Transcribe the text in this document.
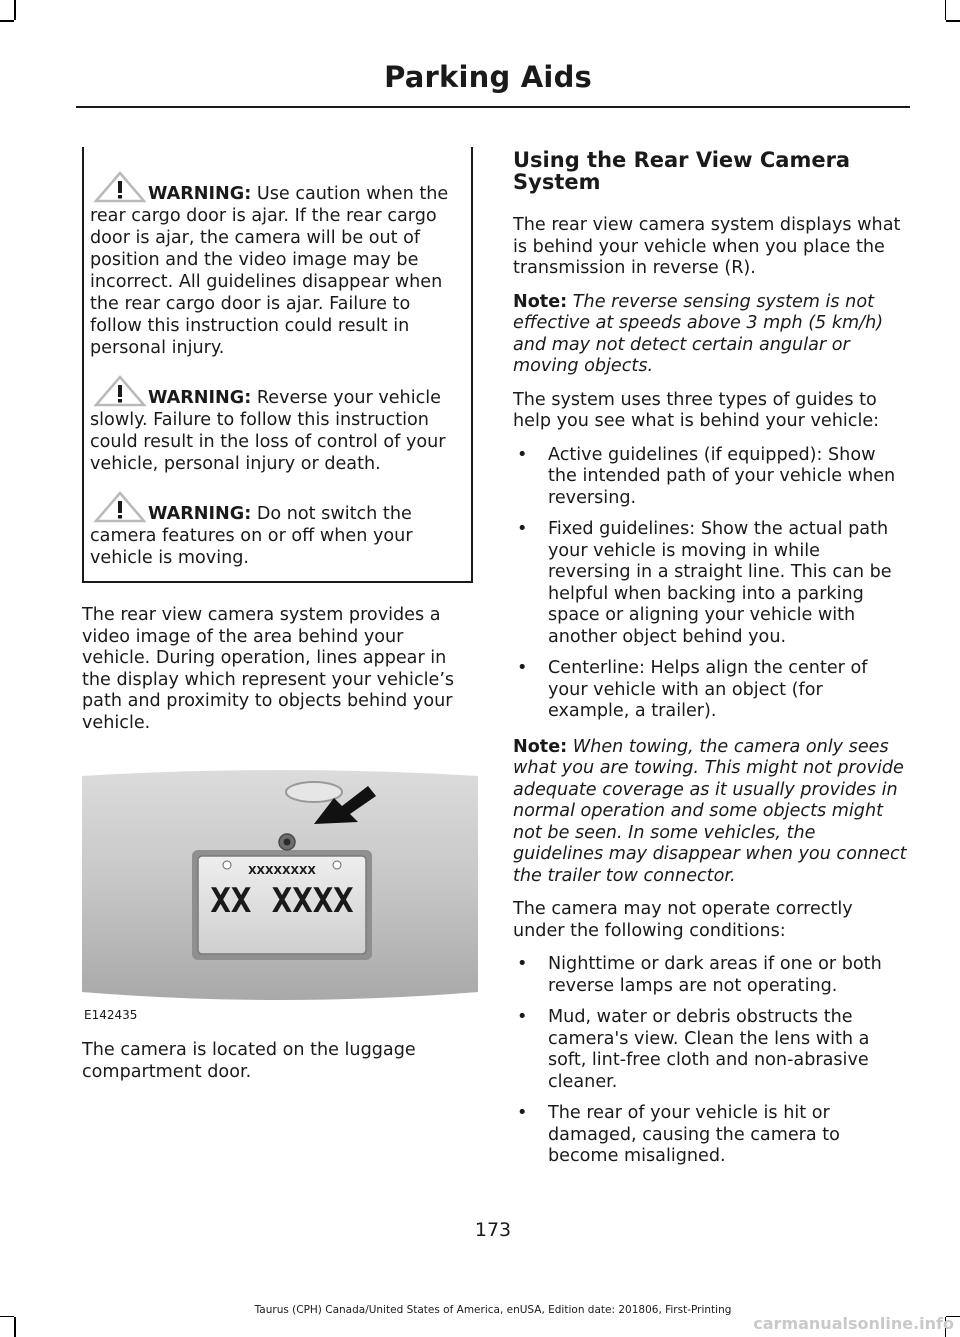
Parking Aids
WARNING: Use caution when the rear cargo door is ajar. If the rear cargo door is ajar, the camera will be out of position and the video image may be incorrect. All guidelines disappear when the rear cargo door is ajar. Failure to follow this instruction could result in personal injury.
WARNING: Reverse your vehicle slowly. Failure to follow this instruction could result in the loss of control of your vehicle, personal injury or death.
WARNING: Do not switch the camera features on or off when your vehicle is moving.

The rear view camera system provides a video image of the area behind your vehicle. During operation, lines appear in the display which represent your vehicle’s path and proximity to objects behind your vehicle.

XXXXXXXX
XX XXXX
E142435

The camera is located on the luggage compartment door.

Using the Rear View Camera System

The rear view camera system displays what is behind your vehicle when you place the transmission in reverse (R).

Note: The reverse sensing system is not effective at speeds above 3 mph (5 km/h) and may not detect certain angular or moving objects.

The system uses three types of guides to help you see what is behind your vehicle:

• Active guidelines (if equipped): Show the intended path of your vehicle when reversing.
• Fixed guidelines: Show the actual path your vehicle is moving in while reversing in a straight line. This can be helpful when backing into a parking space or aligning your vehicle with another object behind you.
• Centerline: Helps align the center of your vehicle with an object (for example, a trailer).

Note: When towing, the camera only sees what you are towing. This might not provide adequate coverage as it usually provides in normal operation and some objects might not be seen. In some vehicles, the guidelines may disappear when you connect the trailer tow connector.

The camera may not operate correctly under the following conditions:

• Nighttime or dark areas if one or both reverse lamps are not operating.
• Mud, water or debris obstructs the camera's view. Clean the lens with a soft, lint-free cloth and non-abrasive cleaner.
• The rear of your vehicle is hit or damaged, causing the camera to become misaligned.
173
Taurus (CPH) Canada/United States of America, enUSA, Edition date: 201806, First-Printing
carmanualsonline.info
